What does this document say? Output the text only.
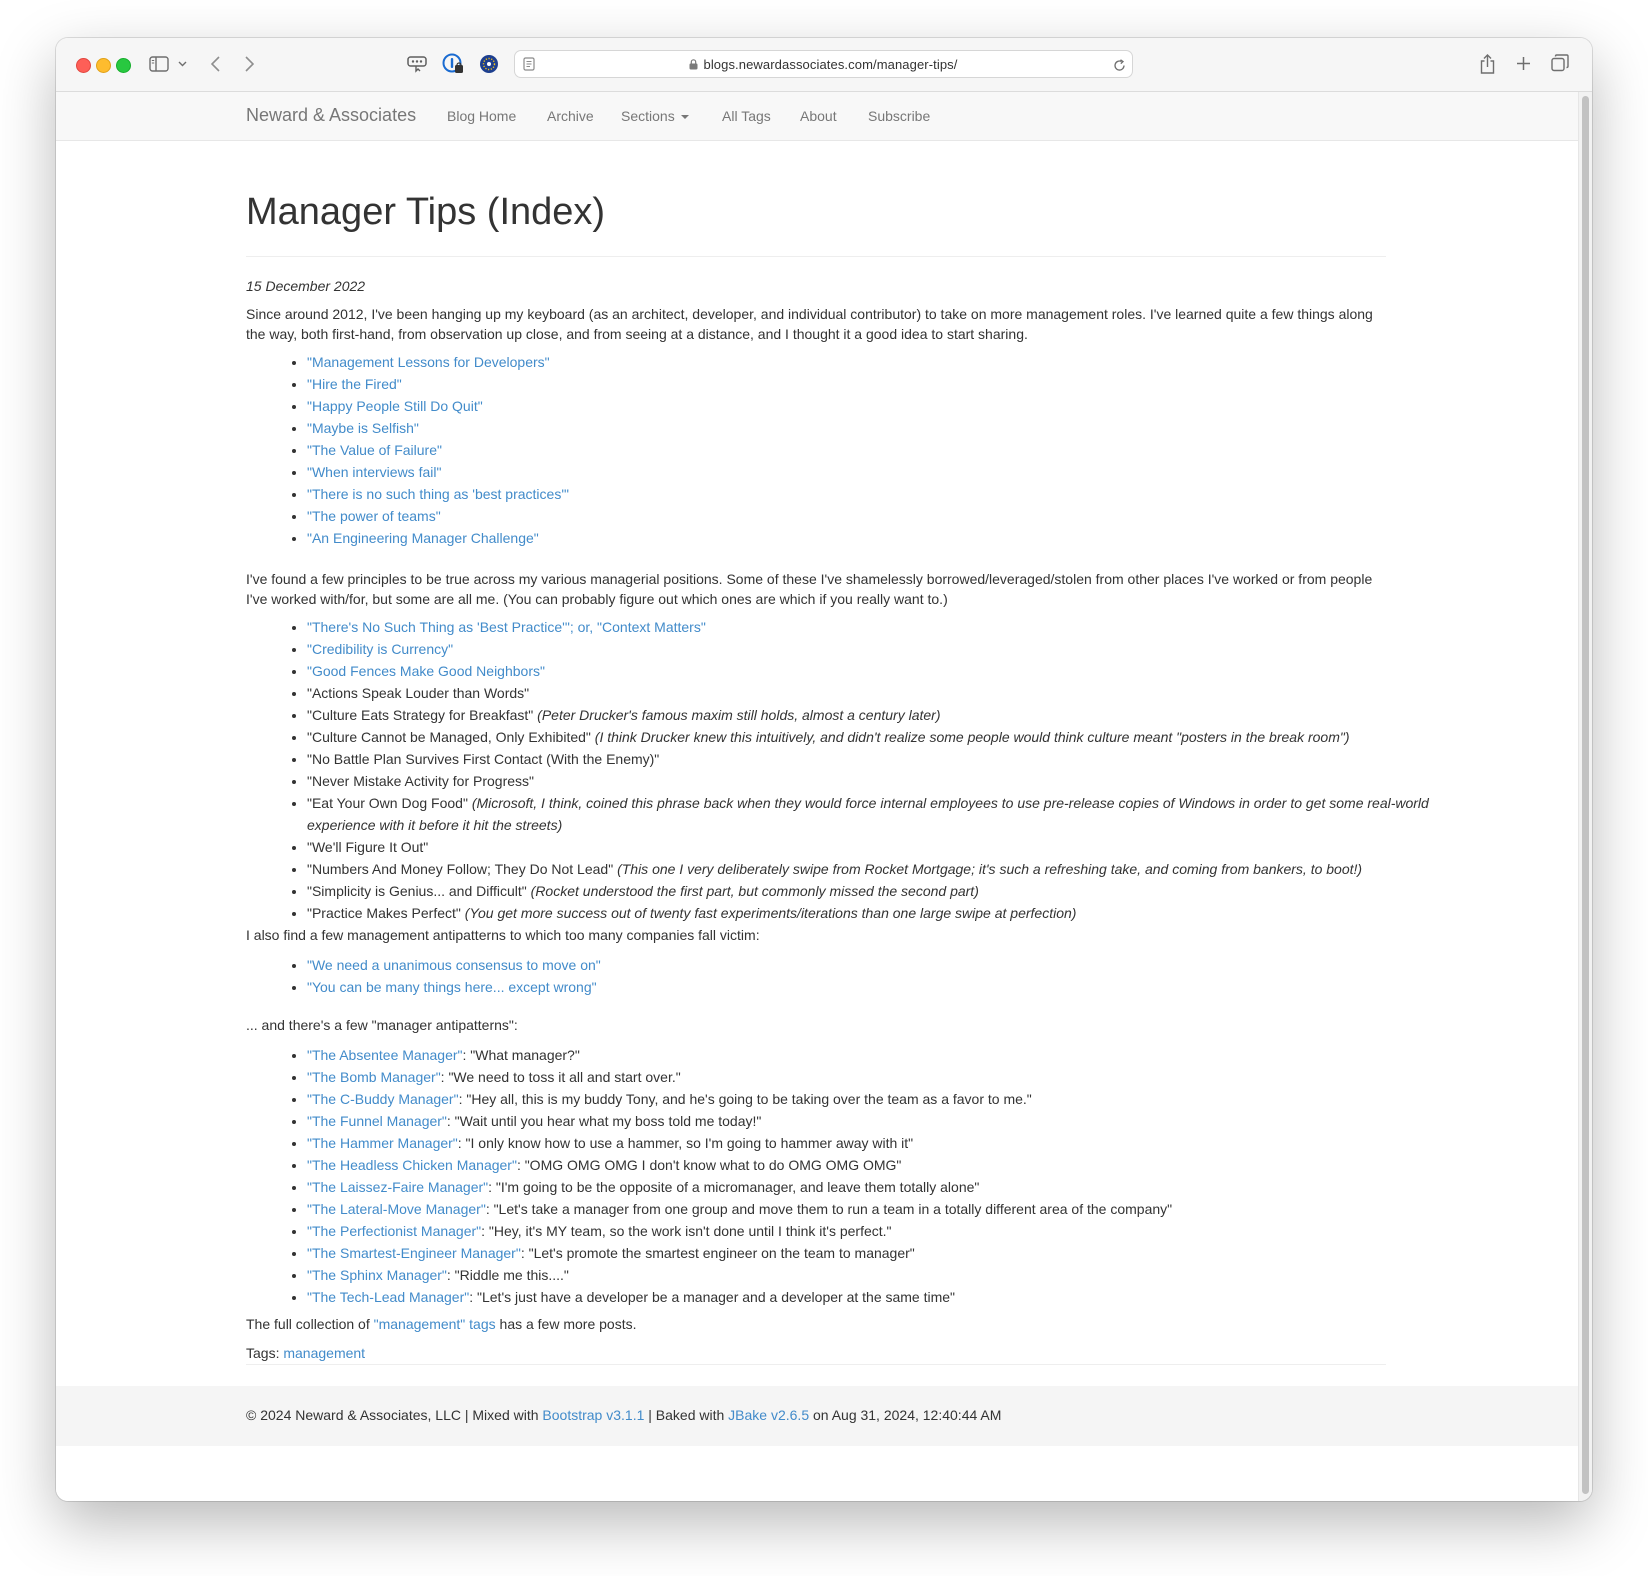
blogs.newardassociates.com/manager-tips/
Neward & Associates Blog Home Archive Sections	All Tags About Subscribe
Manager Tips (Index)
15 December 2022

Since around 2012, I've been hanging up my keyboard (as an architect, developer, and individual contributor) to take on more management roles. I've learned quite a few things along the way, both first-hand, from observation up close, and from seeing at a distance, and I thought it a good idea to start sharing.

• "Management Lessons for Developers"
• "Hire the Fired"
• "Happy People Still Do Quit"
• "Maybe is Selfish"
• "The Value of Failure"
• "When interviews fail"
• "There is no such thing as 'best practices'"
• "The power of teams"
• "An Engineering Manager Challenge"

I've found a few principles to be true across my various managerial positions. Some of these I've shamelessly borrowed/leveraged/stolen from other places I've worked or from people I've worked with/for, but some are all me. (You can probably figure out which ones are which if you really want to.)

• "There's No Such Thing as 'Best Practice'"; or, "Context Matters"
• "Credibility is Currency"
• "Good Fences Make Good Neighbors"
• "Actions Speak Louder than Words"
• "Culture Eats Strategy for Breakfast" (Peter Drucker's famous maxim still holds, almost a century later)
• "Culture Cannot be Managed, Only Exhibited" (I think Drucker knew this intuitively, and didn't realize some people would think culture meant "posters in the break room")
• "No Battle Plan Survives First Contact (With the Enemy)"
• "Never Mistake Activity for Progress"
• "Eat Your Own Dog Food" (Microsoft, I think, coined this phrase back when they would force internal employees to use pre-release copies of Windows in order to get some real-world experience with it before it hit the streets)
• "We'll Figure It Out"
• "Numbers And Money Follow; They Do Not Lead" (This one I very deliberately swipe from Rocket Mortgage; it's such a refreshing take, and coming from bankers, to boot!)
• "Simplicity is Genius... and Difficult" (Rocket understood the first part, but commonly missed the second part)
• "Practice Makes Perfect" (You get more success out of twenty fast experiments/iterations than one large swipe at perfection)

I also find a few management antipatterns to which too many companies fall victim:

• "We need a unanimous consensus to move on"
• "You can be many things here... except wrong"

... and there's a few "manager antipatterns":

• "The Absentee Manager": "What manager?"
• "The Bomb Manager": "We need to toss it all and start over."
• "The C-Buddy Manager": "Hey all, this is my buddy Tony, and he's going to be taking over the team as a favor to me."
• "The Funnel Manager": "Wait until you hear what my boss told me today!"
• "The Hammer Manager": "I only know how to use a hammer, so I'm going to hammer away with it"
• "The Headless Chicken Manager": "OMG OMG OMG I don't know what to do OMG OMG OMG"
• "The Laissez-Faire Manager": "I'm going to be the opposite of a micromanager, and leave them totally alone"
• "The Lateral-Move Manager": "Let's take a manager from one group and move them to run a team in a totally different area of the company"
• "The Perfectionist Manager": "Hey, it's MY team, so the work isn't done until I think it's perfect."
• "The Smartest-Engineer Manager": "Let's promote the smartest engineer on the team to manager"
• "The Sphinx Manager": "Riddle me this...."
• "The Tech-Lead Manager": "Let's just have a developer be a manager and a developer at the same time"

The full collection of "management" tags has a few more posts.

Tags: management

© 2024 Neward & Associates, LLC | Mixed with Bootstrap v3.1.1 | Baked with JBake v2.6.5 on Aug 31, 2024, 12:40:44 AM
